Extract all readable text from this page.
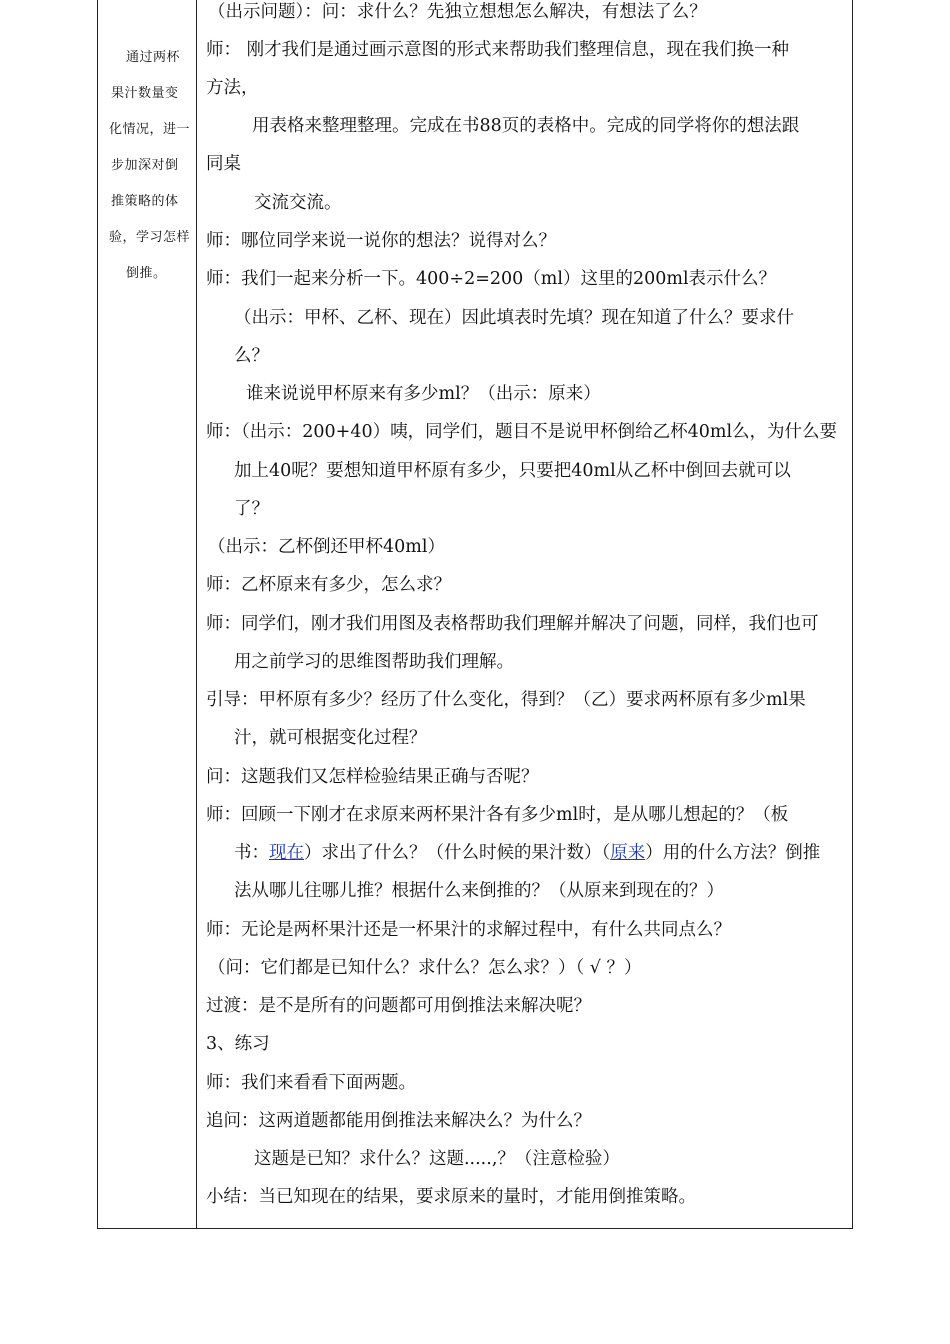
通过两杯
果汁数量变
化情况，进一
步加深对倒
推策略的体
验，学习怎样
倒推。
（出示问题）：问：求什么？先独立想想怎么解决，有想法了么？
师： 刚才我们是通过画示意图的形式来帮助我们整理信息，现在我们换一种
方法，
用表格来整理整理。完成在书88页的表格中。完成的同学将你的想法跟
同桌
交流交流。
师：哪位同学来说一说你的想法？说得对么？
师：我们一起来分析一下。400÷2=200（ml）这里的200ml表示什么？
（出示：甲杯、乙杯、现在）因此填表时先填？现在知道了什么？要求什
么？
谁来说说甲杯原来有多少ml？（出示：原来）
师：（出示：200+40）咦，同学们，题目不是说甲杯倒给乙杯40ml么，为什么要
加上40呢？要想知道甲杯原有多少，只要把40ml从乙杯中倒回去就可以
了？
（出示：乙杯倒还甲杯40ml）
师：乙杯原来有多少，怎么求？
师：同学们，刚才我们用图及表格帮助我们理解并解决了问题，同样，我们也可
用之前学习的思维图帮助我们理解。
引导：甲杯原有多少？经历了什么变化，得到？（乙）要求两杯原有多少ml果
汁，就可根据变化过程？
问：这题我们又怎样检验结果正确与否呢？
师：回顾一下刚才在求原来两杯果汁各有多少ml时，是从哪儿想起的？（板
书：现在）求出了什么？（什么时候的果汁数）（原来）用的什么方法？倒推
法从哪儿往哪儿推？根据什么来倒推的？（从原来到现在的？）
师：无论是两杯果汁还是一杯果汁的求解过程中，有什么共同点么？
（问：它们都是已知什么？求什么？怎么求？）（ √ ？）
过渡：是不是所有的问题都可用倒推法来解决呢？
3、练习
师：我们来看看下面两题。
追问：这两道题都能用倒推法来解决么？为什么？
这题是已知？求什么？这题.....,？（注意检验）
小结：当已知现在的结果，要求原来的量时，才能用倒推策略。
